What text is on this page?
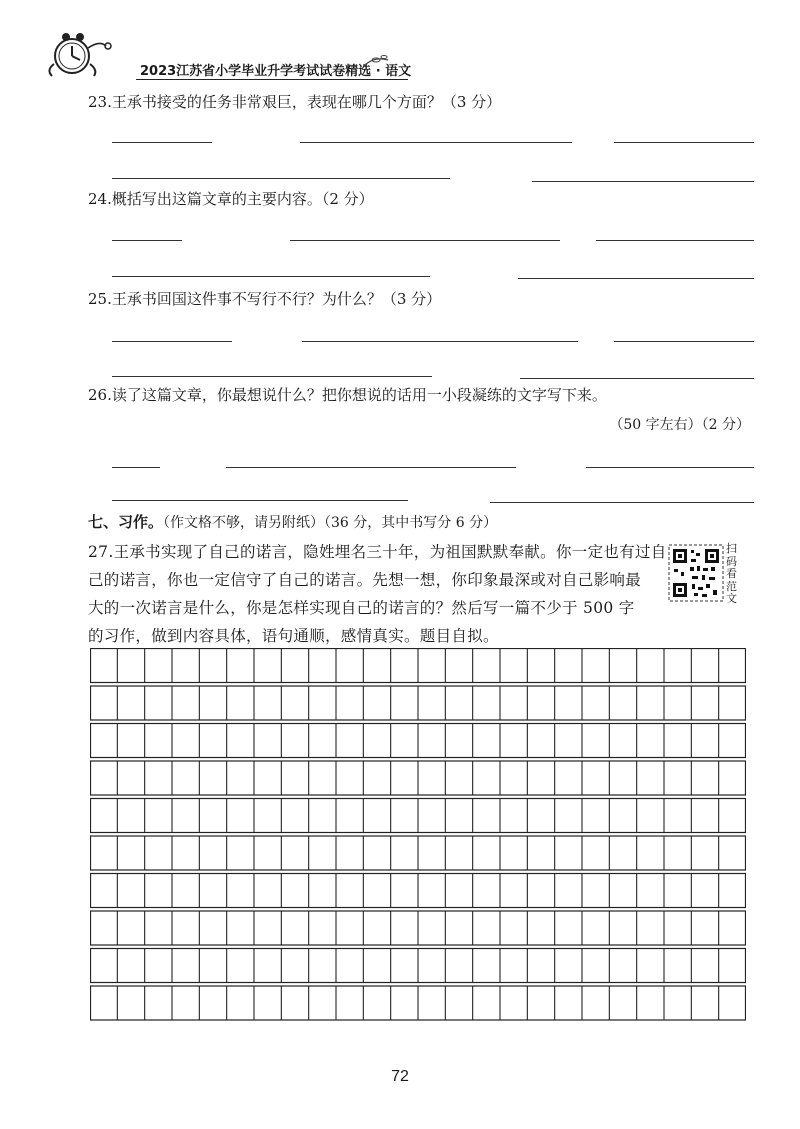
2023江苏省小学毕业升学考试试卷精选 · 语文
23.王承书接受的任务非常艰巨，表现在哪几个方面？（3 分）
24.概括写出这篇文章的主要内容。（2 分）
25.王承书回国这件事不写行不行？为什么？（3 分）
26.读了这篇文章，你最想说什么？把你想说的话用一小段凝练的文字写下来。
（50 字左右）（2 分）
七、习作。（作文格不够，请另附纸）（36 分，其中书写分 6 分）
27.王承书实现了自己的诺言，隐姓埋名三十年，为祖国默默奉献。你一定也有过自
己的诺言，你也一定信守了自己的诺言。先想一想，你印象最深或对自己影响最
大的一次诺言是什么，你是怎样实现自己的诺言的？然后写一篇不少于 500 字
的习作，做到内容具体，语句通顺，感情真实。题目自拟。
扫码看范文
72
